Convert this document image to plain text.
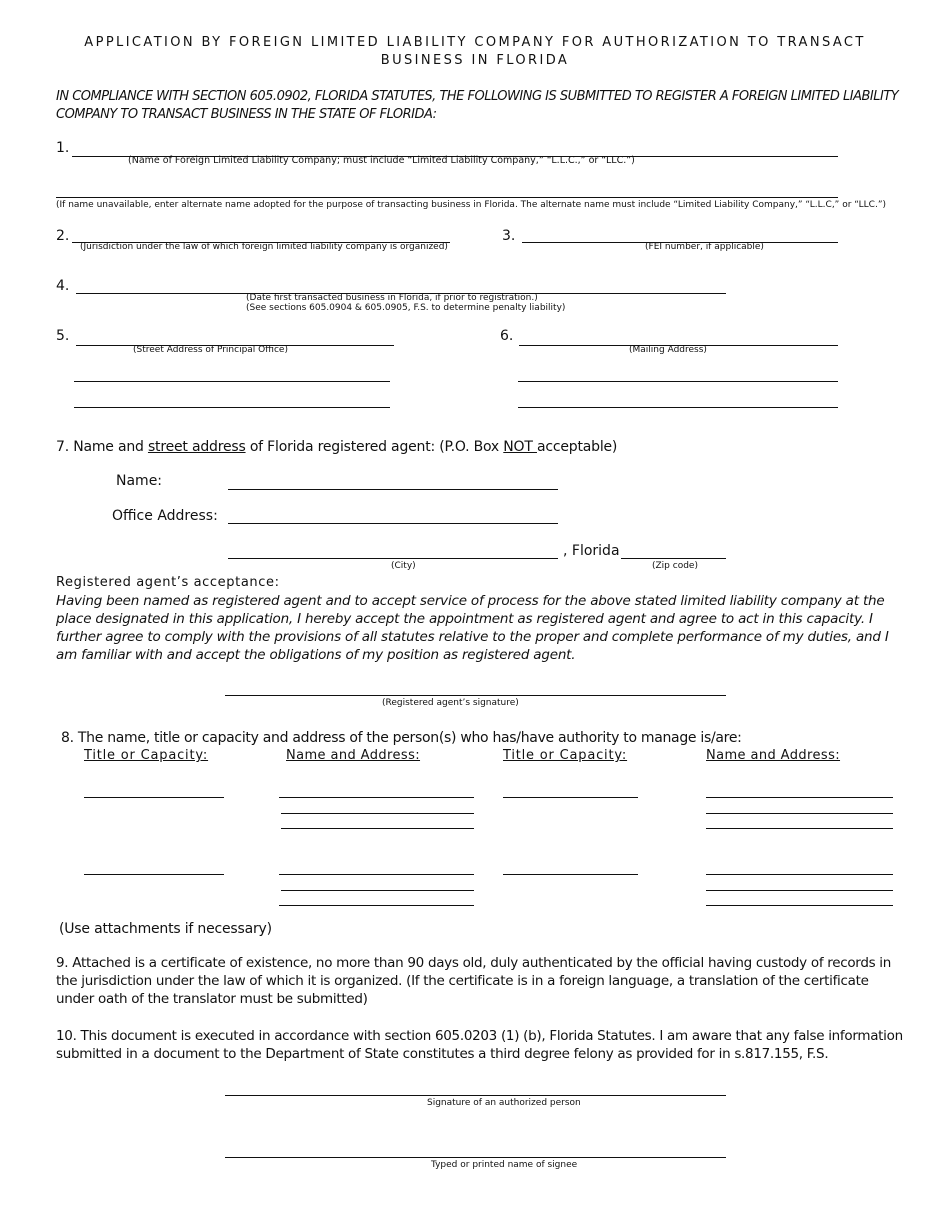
APPLICATION BY FOREIGN LIMITED LIABILITY COMPANY FOR AUTHORIZATION TO TRANSACT BUSINESS IN FLORIDA
IN COMPLIANCE WITH SECTION 605.0902, FLORIDA STATUTES, THE FOLLOWING IS SUBMITTED TO REGISTER A FOREIGN LIMITED LIABILITY COMPANY TO TRANSACT BUSINESS IN THE STATE OF FLORIDA:
1.
(Name of Foreign Limited Liability Company; must include “Limited Liability Company,” “L.L.C.,” or “LLC.”)
(If name unavailable, enter alternate name adopted for the purpose of transacting business in Florida. The alternate name must include “Limited Liability Company,” “L.L.C,” or “LLC.”)
2.
(Jurisdiction under the law of which foreign limited liability company is organized)
3.
(FEI number, if applicable)
4.
(Date first transacted business in Florida, if prior to registration.)
(See sections 605.0904 & 605.0905, F.S. to determine penalty liability)
5.
(Street Address of Principal Office)
6.
(Mailing Address)
7. Name and street address of Florida registered agent: (P.O. Box NOT acceptable)
Name:
Office Address:
, Florida
(City)	(Zip code)
Registered agent’s acceptance:
Having been named as registered agent and to accept service of process for the above stated limited liability company at the place designated in this application, I hereby accept the appointment as registered agent and agree to act in this capacity. I further agree to comply with the provisions of all statutes relative to the proper and complete performance of my duties, and I am familiar with and accept the obligations of my position as registered agent.
(Registered agent’s signature)
8. The name, title or capacity and address of the person(s) who has/have authority to manage is/are:
Title or Capacity:	Name and Address:	Title or Capacity:	Name and Address:
(Use attachments if necessary)
9. Attached is a certificate of existence, no more than 90 days old, duly authenticated by the official having custody of records in the jurisdiction under the law of which it is organized. (If the certificate is in a foreign language, a translation of the certificate under oath of the translator must be submitted)
10. This document is executed in accordance with section 605.0203 (1) (b), Florida Statutes. I am aware that any false information submitted in a document to the Department of State constitutes a third degree felony as provided for in s.817.155, F.S.
Signature of an authorized person
Typed or printed name of signee
